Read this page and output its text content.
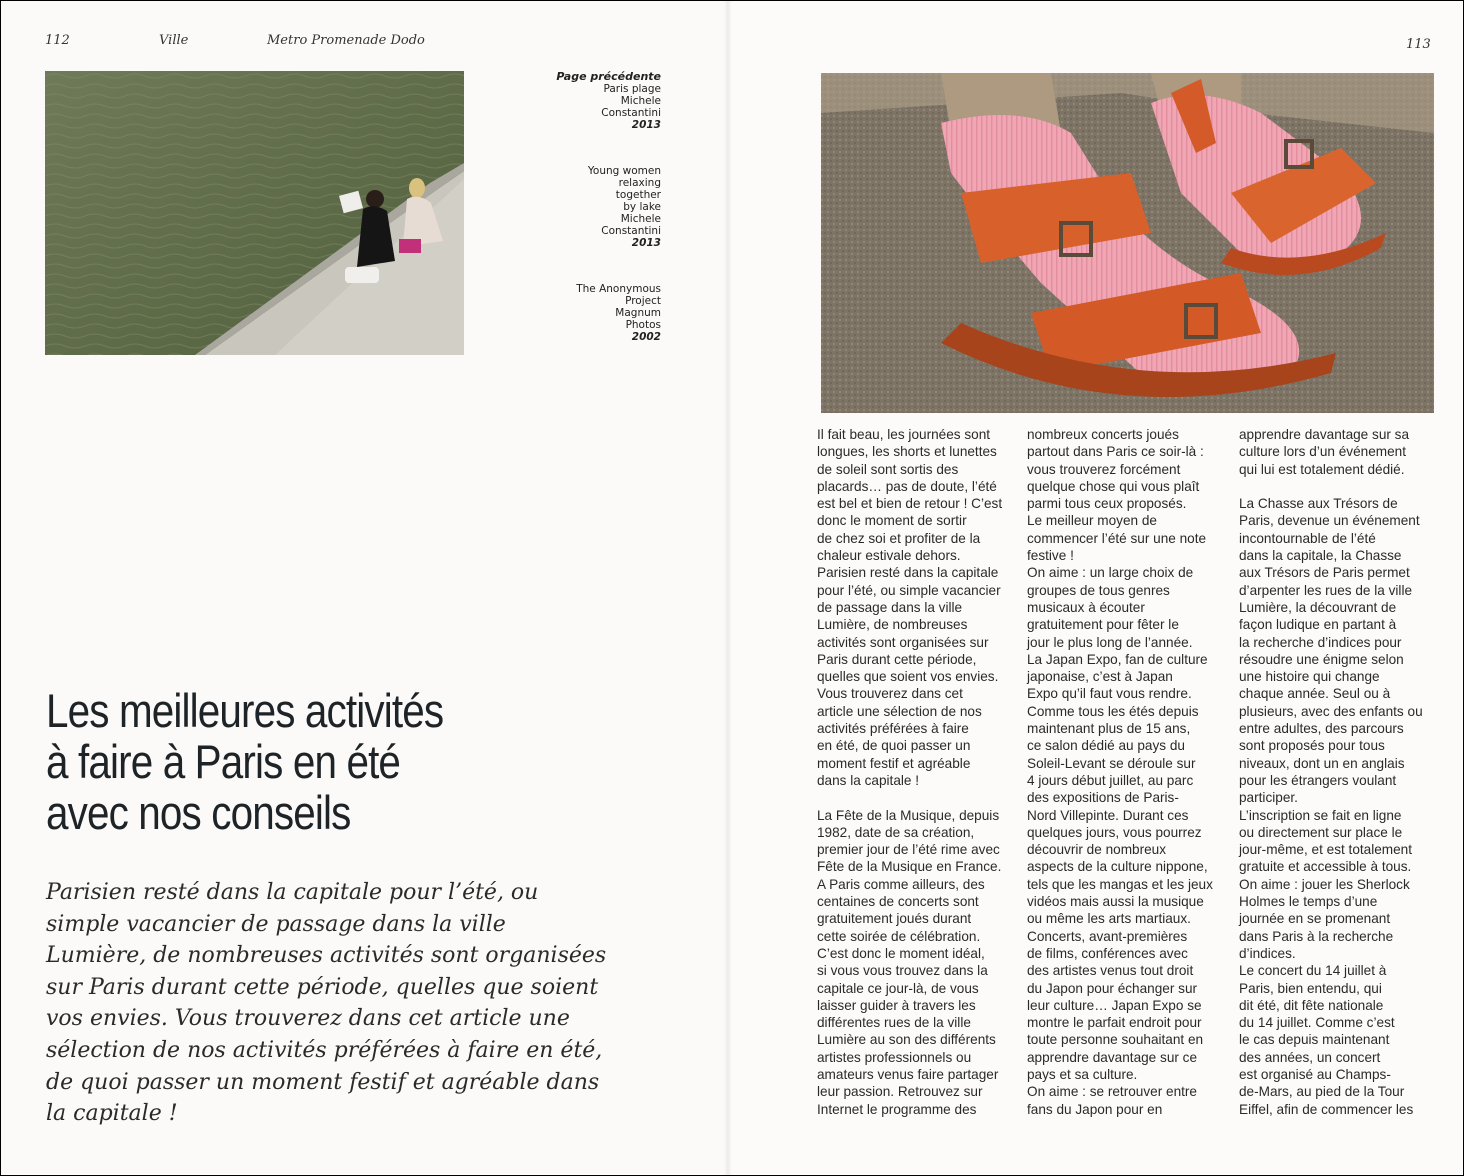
112	Ville	Metro Promenade Dodo
Page précédente
Paris plage
Michele
Constantini
2013
Young women
relaxing
together
by lake
Michele
Constantini
2013
The Anonymous
Project
Magnum
Photos
2002
Les meilleures activités
à faire à Paris en été
avec nos conseils
Parisien resté dans la capitale pour l’été, ou
simple vacancier de passage dans la ville
Lumière, de nombreuses activités sont organisées
sur Paris durant cette période, quelles que soient
vos envies. Vous trouverez dans cet article une
sélection de nos activités préférées à faire en été,
de quoi passer un moment festif et agréable dans
la capitale !
113
Il fait beau, les journées sont
longues, les shorts et lunettes
de soleil sont sortis des
placards… pas de doute, l’été
est bel et bien de retour ! C’est
donc le moment de sortir
de chez soi et profiter de la
chaleur estivale dehors.
Parisien resté dans la capitale
pour l’été, ou simple vacancier
de passage dans la ville
Lumière, de nombreuses
activités sont organisées sur
Paris durant cette période,
quelles que soient vos envies.
Vous trouverez dans cet
article une sélection de nos
activités préférées à faire
en été, de quoi passer un
moment festif et agréable
dans la capitale !

La Fête de la Musique, depuis
1982, date de sa création,
premier jour de l’été rime avec
Fête de la Musique en France.
A Paris comme ailleurs, des
centaines de concerts sont
gratuitement joués durant
cette soirée de célébration.
C’est donc le moment idéal,
si vous vous trouvez dans la
capitale ce jour-là, de vous
laisser guider à travers les
différentes rues de la ville
Lumière au son des différents
artistes professionnels ou
amateurs venus faire partager
leur passion. Retrouvez sur
Internet le programme des
nombreux concerts joués
partout dans Paris ce soir-là :
vous trouverez forcément
quelque chose qui vous plaît
parmi tous ceux proposés.
Le meilleur moyen de
commencer l’été sur une note
festive !
On aime : un large choix de
groupes de tous genres
musicaux à écouter
gratuitement pour fêter le
jour le plus long de l’année.
La Japan Expo, fan de culture
japonaise, c’est à Japan
Expo qu’il faut vous rendre.
Comme tous les étés depuis
maintenant plus de 15 ans,
ce salon dédié au pays du
Soleil-Levant se déroule sur
4 jours début juillet, au parc
des expositions de Paris-
Nord Villepinte. Durant ces
quelques jours, vous pourrez
découvrir de nombreux
aspects de la culture nippone,
tels que les mangas et les jeux
vidéos mais aussi la musique
ou même les arts martiaux.
Concerts, avant-premières
de films, conférences avec
des artistes venus tout droit
du Japon pour échanger sur
leur culture… Japan Expo se
montre le parfait endroit pour
toute personne souhaitant en
apprendre davantage sur ce
pays et sa culture.
On aime : se retrouver entre
fans du Japon pour en
apprendre davantage sur sa
culture lors d’un événement
qui lui est totalement dédié.

La Chasse aux Trésors de
Paris, devenue un événement
incontournable de l’été
dans la capitale, la Chasse
aux Trésors de Paris permet
d’arpenter les rues de la ville
Lumière, la découvrant de
façon ludique en partant à
la recherche d’indices pour
résoudre une énigme selon
une histoire qui change
chaque année. Seul ou à
plusieurs, avec des enfants ou
entre adultes, des parcours
sont proposés pour tous
niveaux, dont un en anglais
pour les étrangers voulant
participer.
L’inscription se fait en ligne
ou directement sur place le
jour-même, et est totalement
gratuite et accessible à tous.
On aime : jouer les Sherlock
Holmes le temps d’une
journée en se promenant
dans Paris à la recherche
d’indices.
Le concert du 14 juillet à
Paris, bien entendu, qui
dit été, dit fête nationale
du 14 juillet. Comme c’est
le cas depuis maintenant
des années, un concert
est organisé au Champs-
de-Mars, au pied de la Tour
Eiffel, afin de commencer les
